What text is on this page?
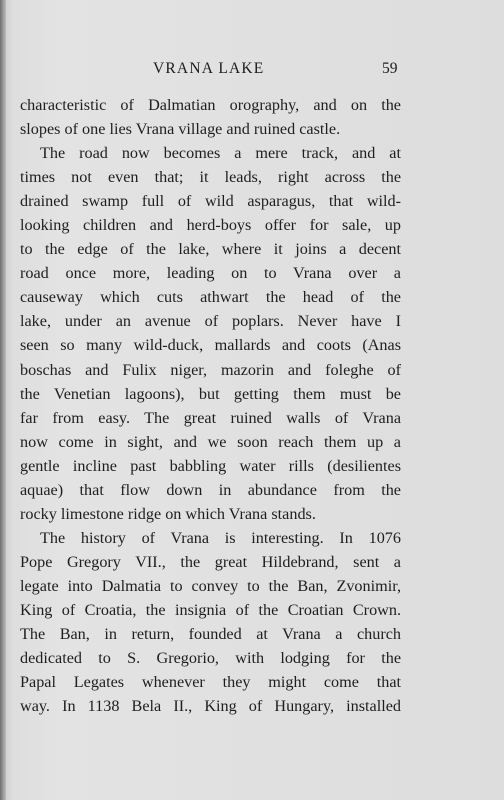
VRANA LAKE	59
characteristic of Dalmatian orography, and on the
slopes of one lies Vrana village and ruined castle.
The road now becomes a mere track, and at
times not even that; it leads, right across the
drained swamp full of wild asparagus, that wild-
looking children and herd-boys offer for sale, up
to the edge of the lake, where it joins a decent
road once more, leading on to Vrana over a
causeway which cuts athwart the head of the
lake, under an avenue of poplars. Never have I
seen so many wild-duck, mallards and coots (Anas
boschas and Fulix niger, mazorin and foleghe of
the Venetian lagoons), but getting them must be
far from easy. The great ruined walls of Vrana
now come in sight, and we soon reach them up a
gentle incline past babbling water rills (desilientes
aquae) that flow down in abundance from the
rocky limestone ridge on which Vrana stands.
The history of Vrana is interesting. In 1076
Pope Gregory VII., the great Hildebrand, sent a
legate into Dalmatia to convey to the Ban, Zvonimir,
King of Croatia, the insignia of the Croatian Crown.
The Ban, in return, founded at Vrana a church
dedicated to S. Gregorio, with lodging for the
Papal Legates whenever they might come that
way. In 1138 Bela II., King of Hungary, installed
